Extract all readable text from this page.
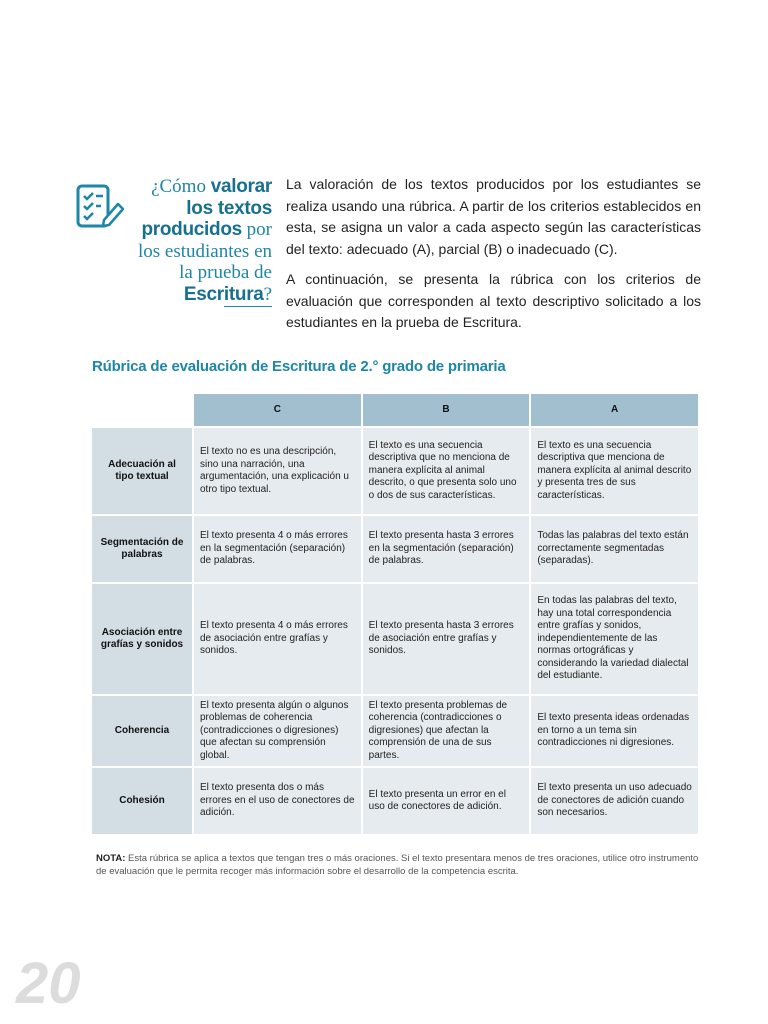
¿Cómo valorar los textos producidos por los estudiantes en la prueba de Escritura?

La valoración de los textos producidos por los estudiantes se realiza usando una rúbrica. A partir de los criterios establecidos en esta, se asigna un valor a cada aspecto según las características del texto: adecuado (A), parcial (B) o inadecuado (C).

A continuación, se presenta la rúbrica con los criterios de evaluación que corresponden al texto descriptivo solicitado a los estudiantes en la prueba de Escritura.

Rúbrica de evaluación de Escritura de 2.° grado de primaria
	C	B	A
Adecuación al tipo textual	El texto no es una descripción, sino una narración, una argumentación, una explicación u otro tipo textual.	El texto es una secuencia descriptiva que no menciona de manera explícita al animal descrito, o que presenta solo uno o dos de sus características.	El texto es una secuencia descriptiva que menciona de manera explícita al animal descrito y presenta tres de sus características.
Segmentación de palabras	El texto presenta 4 o más errores en la segmentación (separación) de palabras.	El texto presenta hasta 3 errores en la segmentación (separación) de palabras.	Todas las palabras del texto están correctamente segmentadas (separadas).
Asociación entre grafías y sonidos	El texto presenta 4 o más errores de asociación entre grafías y sonidos.	El texto presenta hasta 3 errores de asociación entre grafías y sonidos.	En todas las palabras del texto, hay una total correspondencia entre grafías y sonidos, independientemente de las normas ortográficas y considerando la variedad dialectal del estudiante.
Coherencia	El texto presenta algún o algunos problemas de coherencia (contradicciones o digresiones) que afectan su comprensión global.	El texto presenta problemas de coherencia (contradicciones o digresiones) que afectan la comprensión de una de sus partes.	El texto presenta ideas ordenadas en torno a un tema sin contradicciones ni digresiones.
Cohesión	El texto presenta dos o más errores en el uso de conectores de adición.	El texto presenta un error en el uso de conectores de adición.	El texto presenta un uso adecuado de conectores de adición cuando son necesarios.
NOTA: Esta rúbrica se aplica a textos que tengan tres o más oraciones. Si el texto presentara menos de tres oraciones, utilice otro instrumento de evaluación que le permita recoger más información sobre el desarrollo de la competencia escrita.
20
